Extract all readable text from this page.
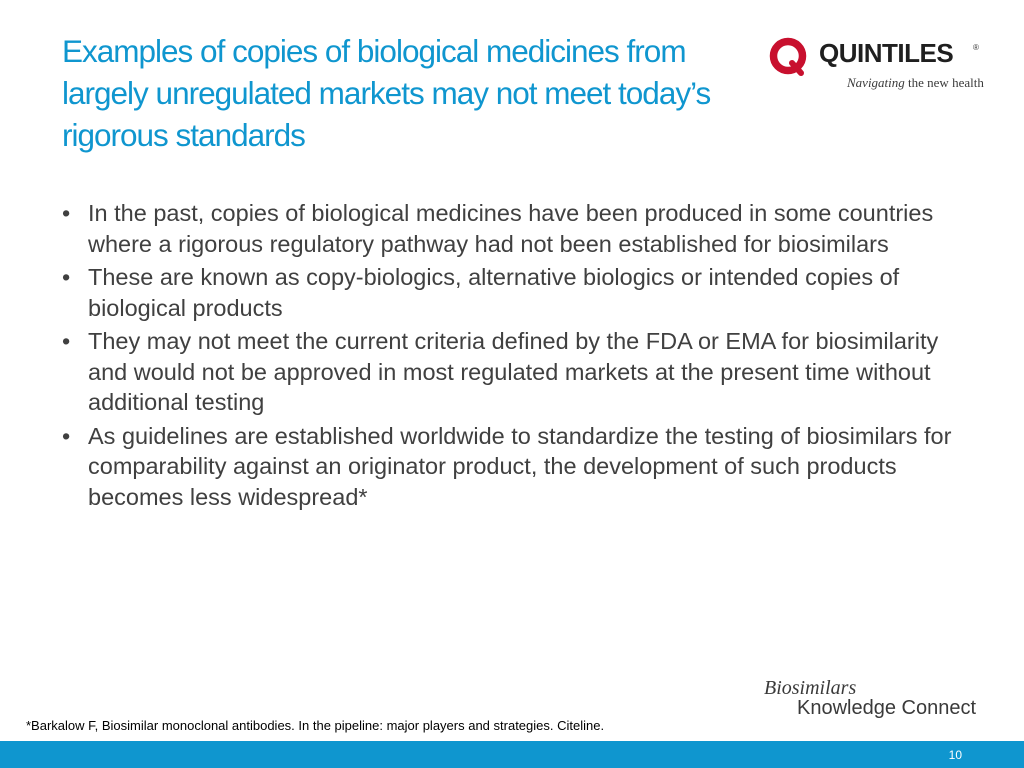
Examples of copies of biological medicines from largely unregulated markets may not meet today’s rigorous standards
QUINTILES ®
Navigating the new health
• In the past, copies of biological medicines have been produced in some countries where a rigorous regulatory pathway had not been established for biosimilars
• These are known as copy-biologics, alternative biologics or intended copies of biological products
• They may not meet the current criteria defined by the FDA or EMA for biosimilarity and would not be approved in most regulated markets at the present time without additional testing
• As guidelines are established worldwide to standardize the testing of biosimilars for comparability against an originator product, the development of such products becomes less widespread*
Biosimilars
Knowledge Connect
*Barkalow F, Biosimilar monoclonal antibodies. In the pipeline: major players and strategies. Citeline.
10
